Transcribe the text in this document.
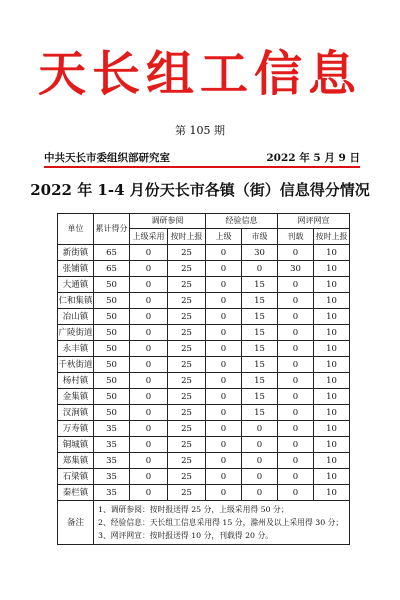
天长组工信息
第 105 期
中共天长市委组织部研究室	2022 年 5 月 9 日
2022 年 1-4 月份天长市各镇（街）信息得分情况
单位	累计得分	调研参阅		经验信息		网评网宣	
		上级采用	按时上报	上级	市级	刊载	按时上报
新街镇	65	0	25	0	30	0	10
张铺镇	65	0	25	0	0	30	10
大通镇	50	0	25	0	15	0	10
仁和集镇	50	0	25	0	15	0	10
冶山镇	50	0	25	0	15	0	10
广陵街道	50	0	25	0	15	0	10
永丰镇	50	0	25	0	15	0	10
千秋街道	50	0	25	0	15	0	10
杨村镇	50	0	25	0	15	0	10
金集镇	50	0	25	0	15	0	10
汊涧镇	50	0	25	0	15	0	10
万寿镇	35	0	25	0	0	0	10
铜城镇	35	0	25	0	0	0	10
郑集镇	35	0	25	0	0	0	10
石梁镇	35	0	25	0	0	0	10
秦栏镇	35	0	25	0	0	0	10
备注	1、调研参阅：按时报送得 25 分，上级采用得 50 分；
2、经验信息：天长组工信息采用得 15 分，滁州及以上采用得 30 分；
3、网评网宣：按时报送得 10 分，刊载得 20 分。						
